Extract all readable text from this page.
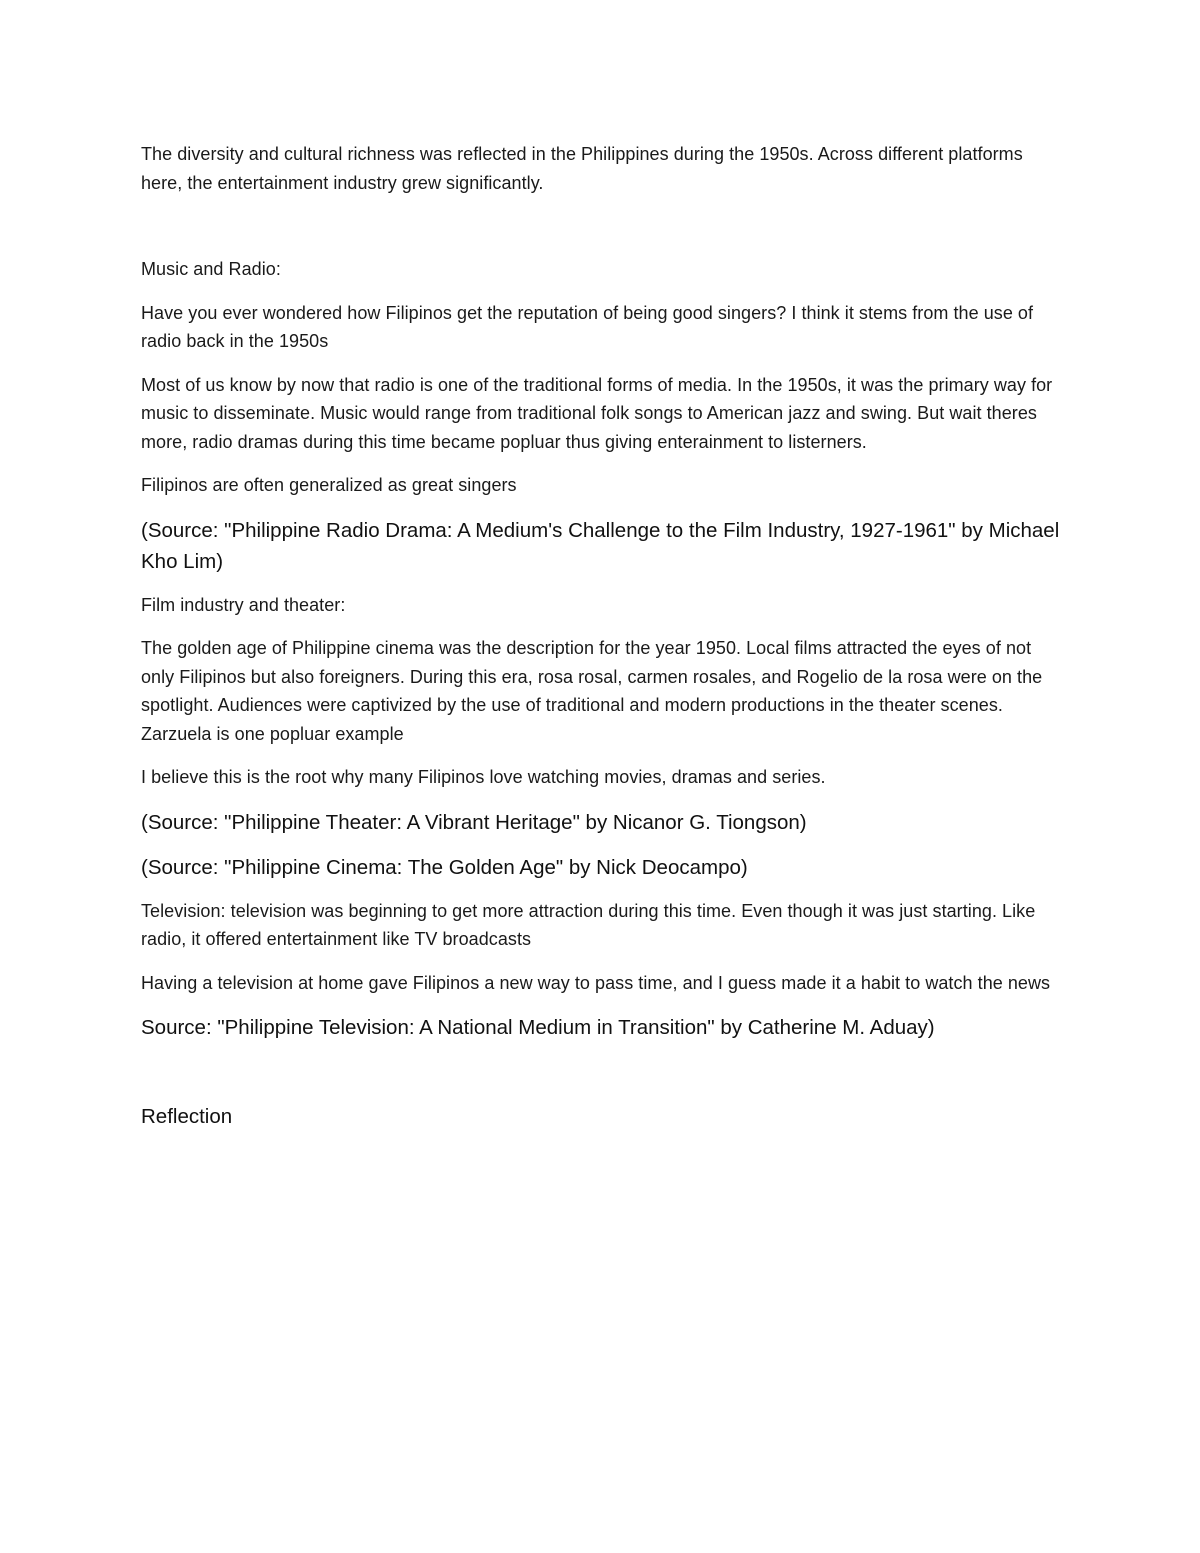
The diversity and cultural richness was reflected in the Philippines during the 1950s. Across different platforms here, the entertainment industry grew significantly.

Music and Radio:

Have you ever wondered how Filipinos get the reputation of being good singers? I think it stems from the use of radio back in the 1950s

Most of us know by now that radio is one of the traditional forms of media. In the 1950s, it was the primary way for music to disseminate. Music would range from traditional folk songs to American jazz and swing. But wait theres more, radio dramas during this time became popluar thus giving enterainment to listerners.

Filipinos are often generalized as great singers

(Source: "Philippine Radio Drama: A Medium's Challenge to the Film Industry, 1927-1961" by Michael Kho Lim)

Film industry and theater:

The golden age of Philippine cinema was the description for the year 1950. Local films attracted the eyes of not only Filipinos but also foreigners. During this era, rosa rosal, carmen rosales, and Rogelio de la rosa were on the spotlight. Audiences were captivized by the use of traditional and modern productions in the theater scenes. Zarzuela is one popluar example

I believe this is the root why many Filipinos love watching movies, dramas and series.

(Source: "Philippine Theater: A Vibrant Heritage" by Nicanor G. Tiongson)

(Source: "Philippine Cinema: The Golden Age" by Nick Deocampo)

Television: television was beginning to get more attraction during this time. Even though it was just starting. Like radio, it offered entertainment like TV broadcasts

Having a television at home gave Filipinos a new way to pass time, and I guess made it a habit to watch the news

Source: "Philippine Television: A National Medium in Transition" by Catherine M. Aduay)

Reflection
